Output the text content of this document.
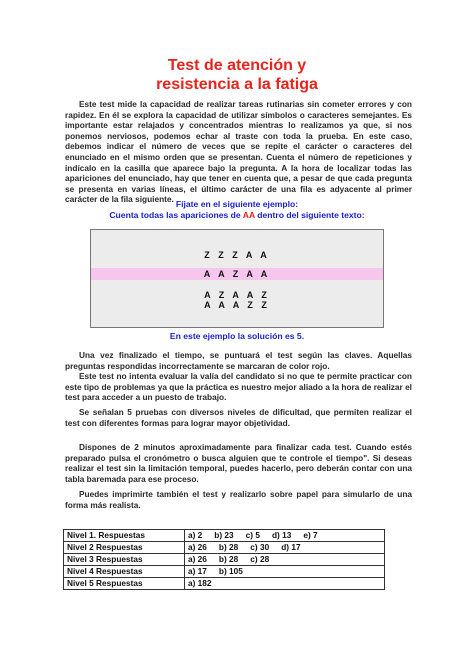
Test de atención y
resistencia a la fatiga

Este test mide la capacidad de realizar tareas rutinarias sin cometer errores y con rapidez. En él se explora la capacidad de utilizar símbolos o caracteres semejantes. Es importante estar relajados y concentrados mientras lo realizamos ya que, si nos ponemos nerviosos, podemos echar al traste con toda la prueba. En este caso, debemos indicar el número de veces que se repite el carácter o caracteres del enunciado en el mismo orden que se presentan. Cuenta el número de repeticiones y indícalo en la casilla que aparece bajo la pregunta. A la hora de localizar todas las apariciones del enunciado, hay que tener en cuenta que, a pesar de que cada pregunta se presenta en varias líneas, el último carácter de una fila es adyacente al primer carácter de la fila siguiente. Fíjate en el siguiente ejemplo:
Cuenta todas las apariciones de AA dentro del siguiente texto:
Z Z Z A A
A A Z A A
A Z A A Z
A A A Z Z
En este ejemplo la solución es 5.

Una vez finalizado el tiempo, se puntuará el test según las claves. Aquellas preguntas respondidas incorrectamente se marcaran de color rojo.

Este test no intenta evaluar la valía del candidato si no que te permite practicar con este tipo de problemas ya que la práctica es nuestro mejor aliado a la hora de realizar el test para acceder a un puesto de trabajo.

Se señalan 5 pruebas con diversos niveles de dificultad, que permiten realizar el test con diferentes formas para lograr mayor objetividad.

Dispones de 2 minutos aproximadamente para finalizar cada test. Cuando estés preparado pulsa el cronómetro o busca alguien que te controle el tiempo". Si deseas realizar el test sin la limitación temporal, puedes hacerlo, pero deberán contar con una tabla baremada para ese proceso.

Puedes imprimirte también el test y realizarlo sobre papel para simularlo de una forma más realista.

Nivel 1. Respuestas	a) 2 b) 23 c) 5 d) 13 e) 7
Nivel 2 Respuestas	a) 26 b) 28 c) 30 d) 17
Nivel 3 Respuestas	a) 26 b) 28 c) 28
Nivel 4 Respuestas	a) 17 b) 105
Nivel 5 Respuestas	a) 182
